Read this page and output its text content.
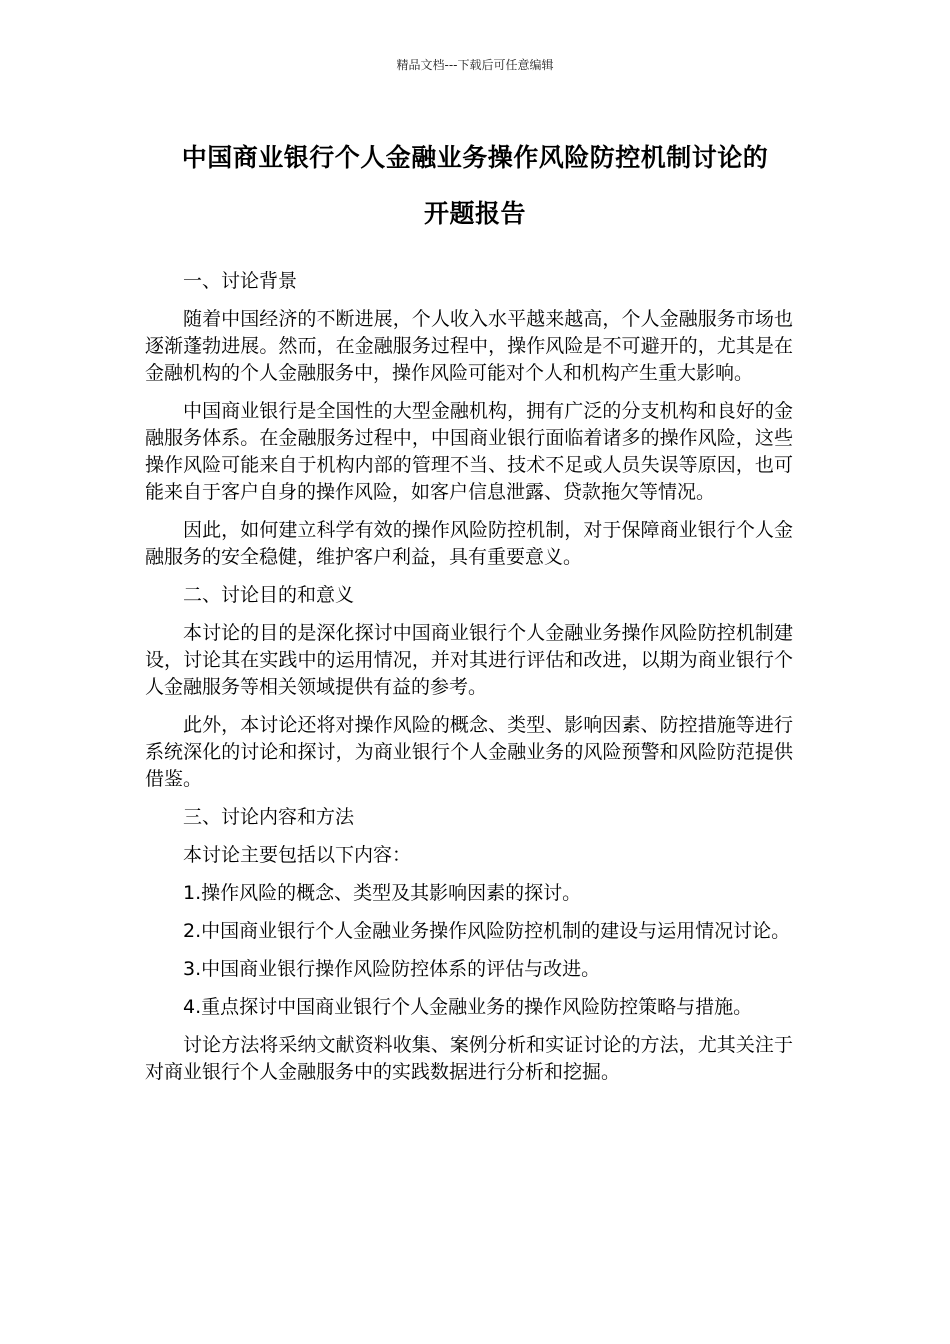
精品文档---下载后可任意编辑
中国商业银行个人金融业务操作风险防控机制讨论的
开题报告

一、讨论背景

随着中国经济的不断进展，个人收入水平越来越高，个人金融服务市场也逐渐蓬勃进展。然而，在金融服务过程中，操作风险是不可避开的，尤其是在金融机构的个人金融服务中，操作风险可能对个人和机构产生重大影响。

中国商业银行是全国性的大型金融机构，拥有广泛的分支机构和良好的金融服务体系。在金融服务过程中，中国商业银行面临着诸多的操作风险，这些操作风险可能来自于机构内部的管理不当、技术不足或人员失误等原因，也可能来自于客户自身的操作风险，如客户信息泄露、贷款拖欠等情况。

因此，如何建立科学有效的操作风险防控机制，对于保障商业银行个人金融服务的安全稳健，维护客户利益，具有重要意义。

二、讨论目的和意义

本讨论的目的是深化探讨中国商业银行个人金融业务操作风险防控机制建设，讨论其在实践中的运用情况，并对其进行评估和改进，以期为商业银行个人金融服务等相关领域提供有益的参考。

此外，本讨论还将对操作风险的概念、类型、影响因素、防控措施等进行系统深化的讨论和探讨，为商业银行个人金融业务的风险预警和风险防范提供借鉴。

三、讨论内容和方法

本讨论主要包括以下内容：

1.操作风险的概念、类型及其影响因素的探讨。

2.中国商业银行个人金融业务操作风险防控机制的建设与运用情况讨论。

3.中国商业银行操作风险防控体系的评估与改进。

4.重点探讨中国商业银行个人金融业务的操作风险防控策略与措施。

讨论方法将采纳文献资料收集、案例分析和实证讨论的方法，尤其关注于对商业银行个人金融服务中的实践数据进行分析和挖掘。
